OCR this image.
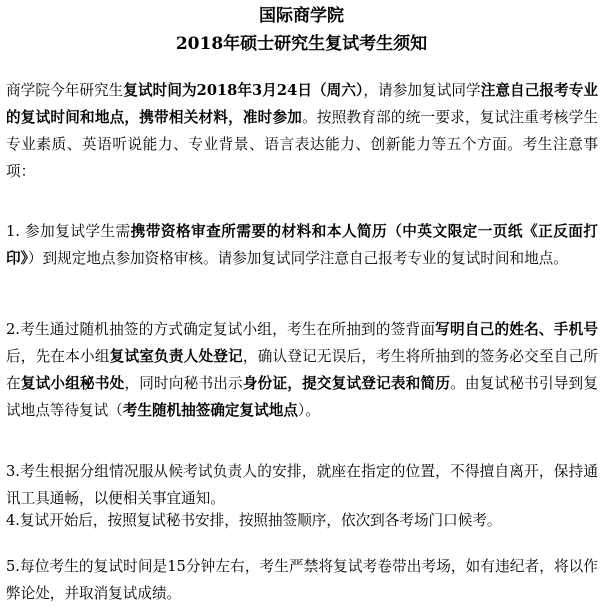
国际商学院
2018年硕士研究生复试考生须知

商学院今年研究生复试时间为2018年3月24日（周六），请参加复试同学注意自己报考专业的复试时间和地点，携带相关材料，准时参加。按照教育部的统一要求，复试注重考核学生专业素质、英语听说能力、专业背景、语言表达能力、创新能力等五个方面。考生注意事项：

1. 参加复试学生需携带资格审查所需要的材料和本人简历（中英文限定一页纸《正反面打印》）到规定地点参加资格审核。请参加复试同学注意自己报考专业的复试时间和地点。

2.考生通过随机抽签的方式确定复试小组，考生在所抽到的签背面写明自己的姓名、手机号后，先在本小组复试室负责人处登记，确认登记无误后，考生将所抽到的签务必交至自己所在复试小组秘书处，同时向秘书出示身份证，提交复试登记表和简历。由复试秘书引导到复试地点等待复试（考生随机抽签确定复试地点）。

3.考生根据分组情况服从候考试负责人的安排，就座在指定的位置，不得擅自离开，保持通讯工具通畅，以便相关事宜通知。

4.复试开始后，按照复试秘书安排，按照抽签顺序，依次到各考场门口候考。

5.每位考生的复试时间是15分钟左右，考生严禁将复试考卷带出考场，如有违纪者，将以作弊论处，并取消复试成绩。
